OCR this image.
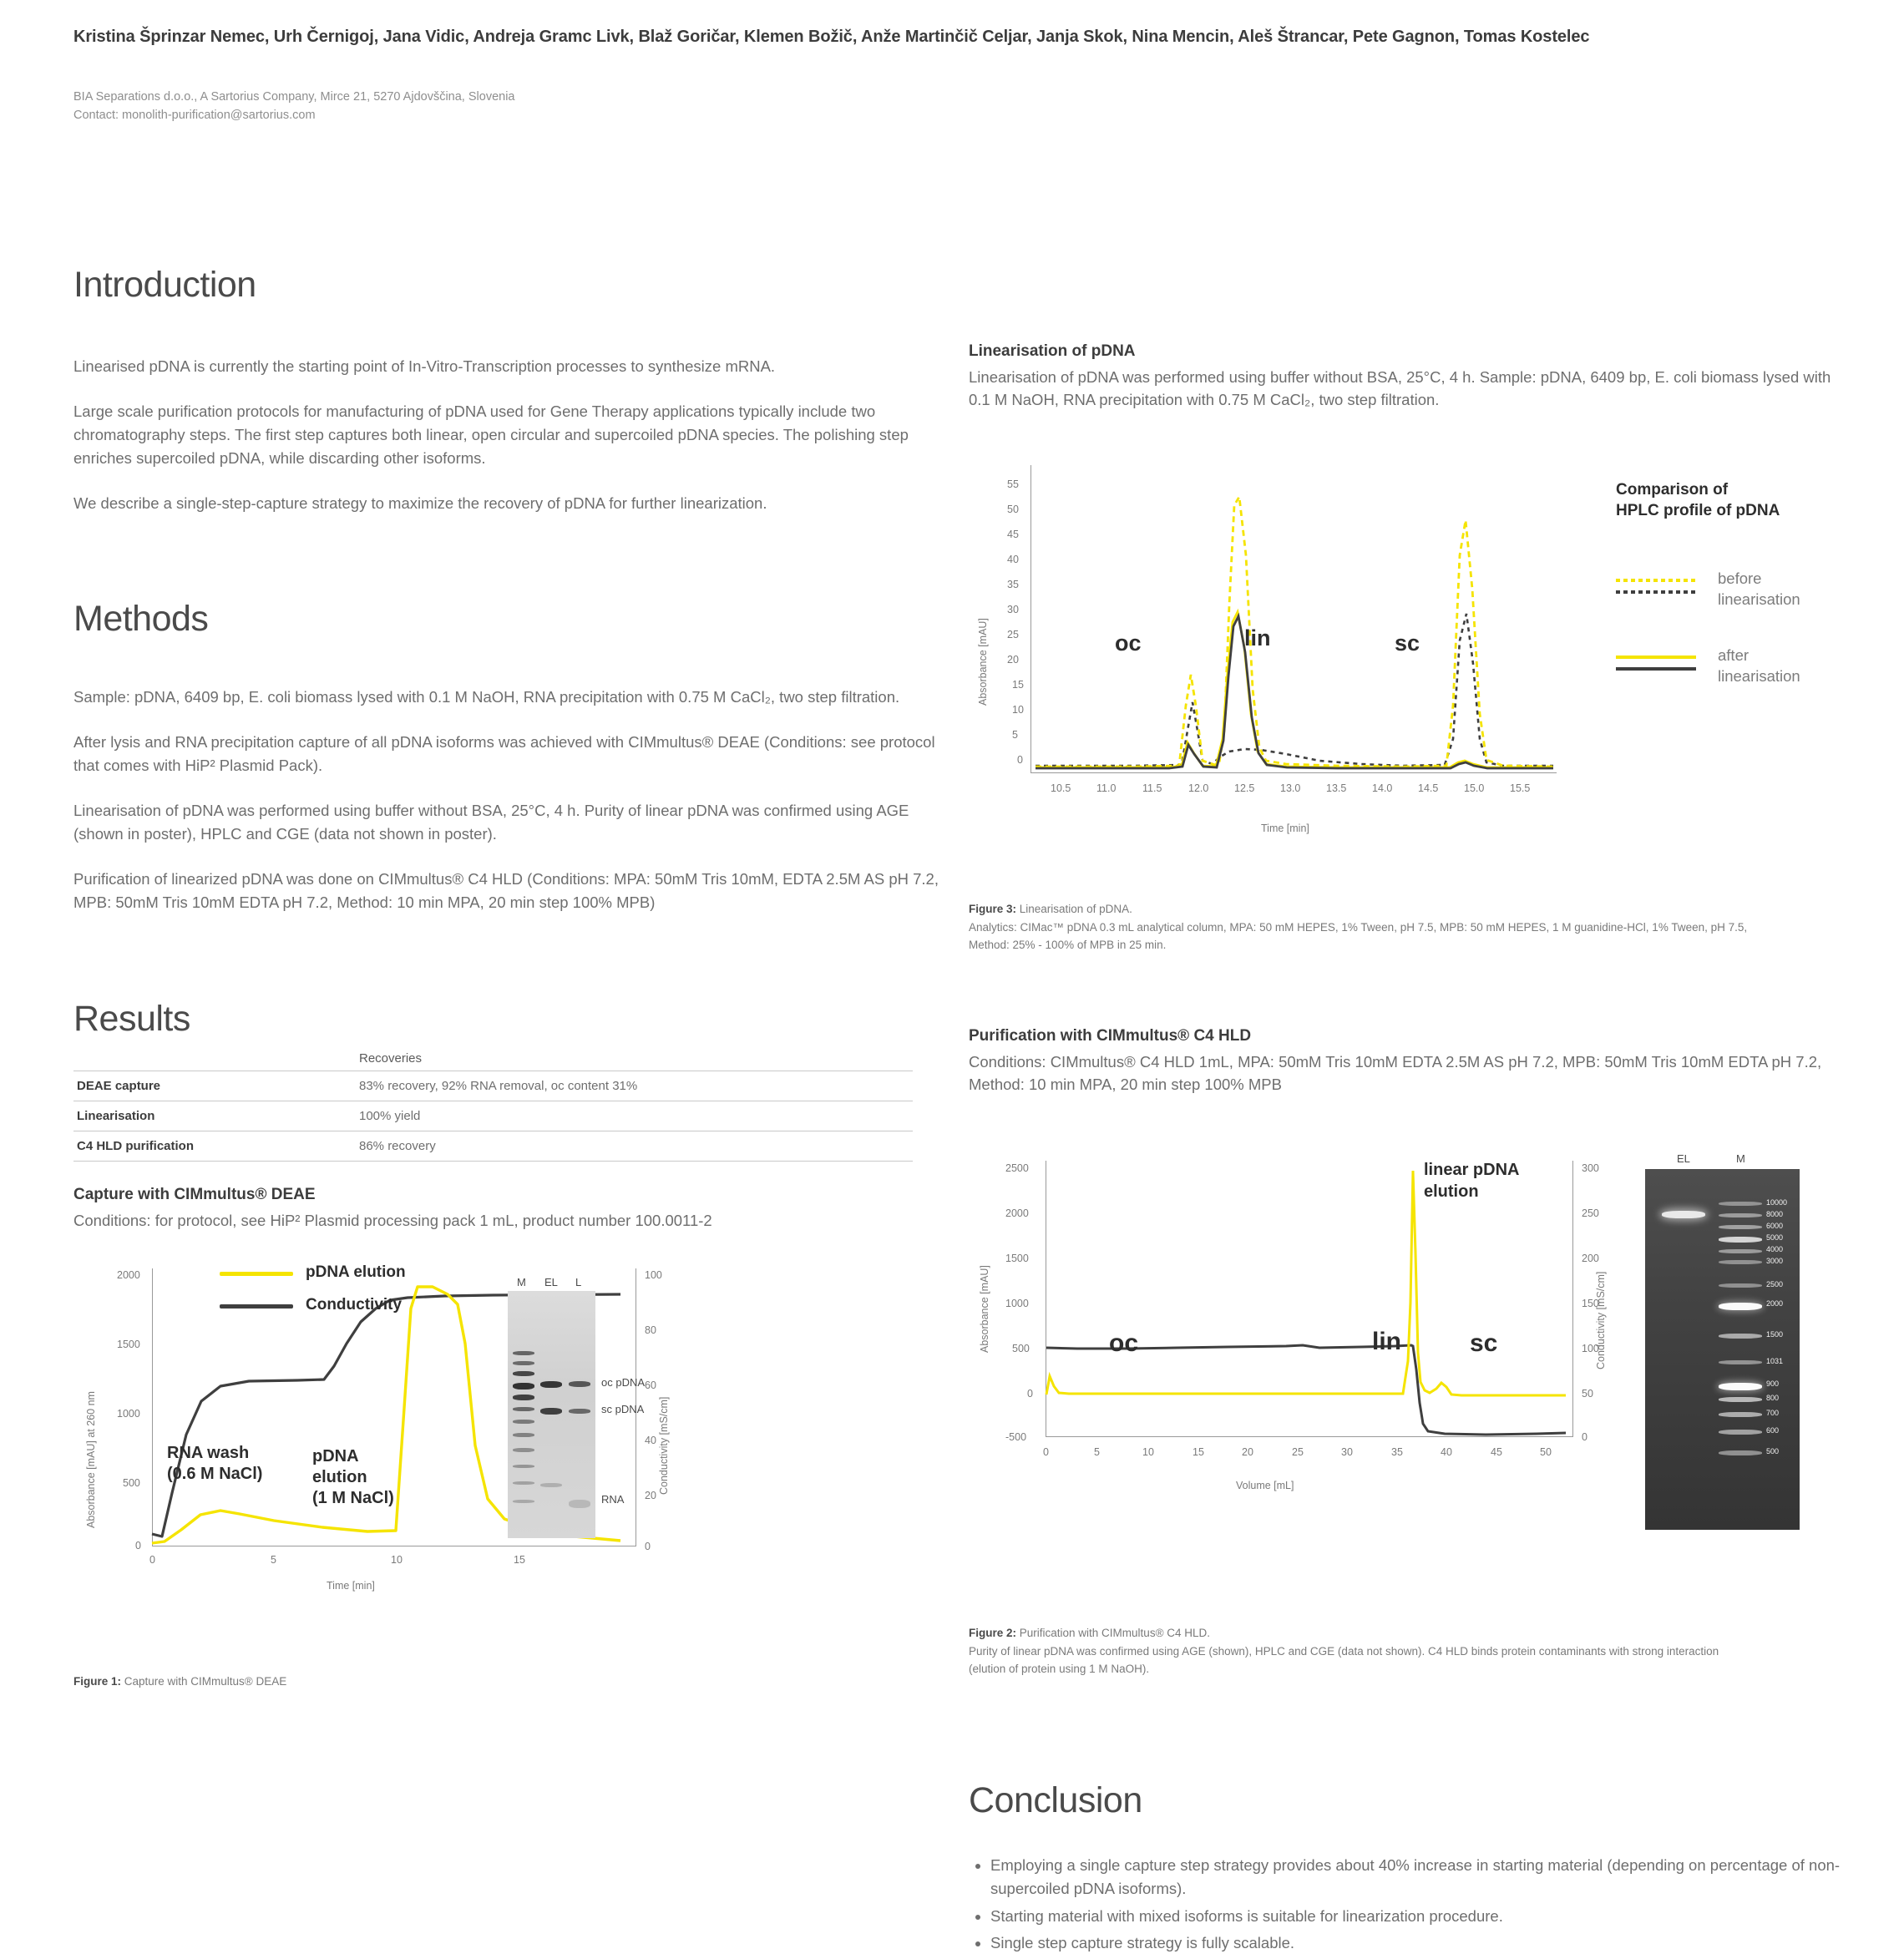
Kristina Šprinzar Nemec, Urh Černigoj, Jana Vidic, Andreja Gramc Livk, Blaž Goričar, Klemen Božič, Anže Martinčič Celjar, Janja Skok, Nina Mencin, Aleš Štrancar, Pete Gagnon, Tomas Kostelec
BIA Separations d.o.o., A Sartorius Company, Mirce 21, 5270 Ajdovščina, Slovenia
Contact: monolith-purification@sartorius.com
Introduction

Linearised pDNA is currently the starting point of In-Vitro-Transcription processes to synthesize mRNA.

Large scale purification protocols for manufacturing of pDNA used for Gene Therapy applications typically include two chromatography steps. The first step captures both linear, open circular and supercoiled pDNA species. The polishing step enriches supercoiled pDNA, while discarding other isoforms.

We describe a single-step-capture strategy to maximize the recovery of pDNA for further linearization.

Methods

Sample: pDNA, 6409 bp, E. coli biomass lysed with 0.1 M NaOH, RNA precipitation with 0.75 M CaCl₂, two step filtration.

After lysis and RNA precipitation capture of all pDNA isoforms was achieved with CIMmultus® DEAE (Conditions: see protocol that comes with HiP² Plasmid Pack).

Linearisation of pDNA was performed using buffer without BSA, 25°C, 4 h. Purity of linear pDNA was confirmed using AGE (shown in poster), HPLC and CGE (data not shown in poster).

Purification of linearized pDNA was done on CIMmultus® C4 HLD (Conditions: MPA: 50mM Tris 10mM, EDTA 2.5M AS pH 7.2, MPB: 50mM Tris 10mM EDTA pH 7.2, Method: 10 min MPA, 20 min step 100% MPB)

Results
	Recoveries
DEAE capture	83% recovery, 92% RNA removal, oc content 31%
Linearisation	100% yield
C4 HLD purification	86% recovery
Capture with CIMmultus® DEAE
Conditions: for protocol, see HiP² Plasmid processing pack 1 mL, product number 100.0011-2
Absorbance [mAU] at 260 nm	Conductivity [mS/cm]
Time [min]
2000
1500
1000
500
0
100
80
60
40
20
0
0	5	10	15
pDNA elution
Conductivity
RNA wash
(0.6 M NaCl)
pDNA
elution
(1 M NaCl)
M EL L
oc pDNA
sc pDNA
RNA
Figure 1: Capture with CIMmultus® DEAE
Linearisation of pDNA
Linearisation of pDNA was performed using buffer without BSA, 25°C, 4 h. Sample: pDNA, 6409 bp, E. coli biomass lysed with 0.1 M NaOH, RNA precipitation with 0.75 M CaCl₂, two step filtration.
Absorbance [mAU]
Time [min]
55
50
45
40
35
30
25
20
15
10
5
0
10.5 11.0	11.5	12.0 12.5 13.0 13.5 14.0 14.5 15.0 15.5
oc	lin	sc
Comparison of
HPLC profile of pDNA
before
linearisation
after
linearisation
Figure 3: Linearisation of pDNA.
Analytics: CIMac™ pDNA 0.3 mL analytical column, MPA: 50 mM HEPES, 1% Tween, pH 7.5, MPB: 50 mM HEPES, 1 M guanidine-HCl, 1% Tween, pH 7.5,
Method: 25% - 100% of MPB in 25 min.
Purification with CIMmultus® C4 HLD
Conditions: CIMmultus® C4 HLD 1mL, MPA: 50mM Tris 10mM EDTA 2.5M AS pH 7.2, MPB: 50mM Tris 10mM EDTA pH 7.2, Method: 10 min MPA, 20 min step 100% MPB
Absorbance [mAU]	Conductivity [mS/cm]
Volume [mL]
2500
2000
1500
1000
500
0
-500
300
250
200
150
100
50
0
0	5	10	15	20	25	30	35	40	45	50
linear pDNA
elution
oc	lin	sc
EL	M
10000
8000
6000
5000
4000
3000
2500
2000
1500
1031
900
800
700
600
500
Figure 2: Purification with CIMmultus® C4 HLD.
Purity of linear pDNA was confirmed using AGE (shown), HPLC and CGE (data not shown). C4 HLD binds protein contaminants with strong interaction
(elution of protein using 1 M NaOH).
Conclusion
• Employing a single capture step strategy provides about 40% increase in starting material (depending on percentage of non-supercoiled pDNA isoforms).
• Starting material with mixed isoforms is suitable for linearization procedure.
• Single step capture strategy is fully scalable.
